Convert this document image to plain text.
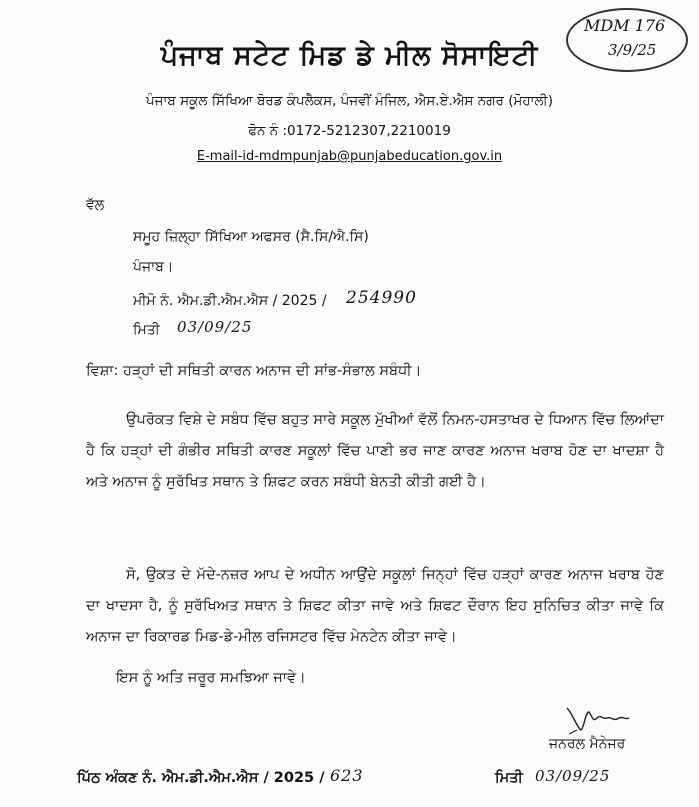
MDM 176
3/9/25
ਪੰਜਾਬ ਸਟੇਟ ਮਿਡ ਡੇ ਮੀਲ ਸੋਸਾਇਟੀ
ਪੰਜਾਬ ਸਕੂਲ ਸਿੱਖਿਆ ਬੋਰਡ ਕੰਪਲੈਕਸ, ਪੰਜਵੀਂ ਮੰਜਿਲ, ਐਸ.ਏ.ਐਸ ਨਗਰ (ਮੋਹਾਲੀ)
ਫੋਨ ਨੰ :0172-5212307,2210019
E-mail-id-mdmpunjab@punjabeducation.gov.in
ਵੱਲ
ਸਮੂਹ ਜ਼ਿਲ੍ਹਾ ਸਿੱਖਿਆ ਅਫਸਰ (ਸੈ.ਸਿ/ਐ.ਸਿ)
ਪੰਜਾਬ।
ਮੀਮੋ ਨੰ. ਐਮ.ਡੀ.ਐਮ.ਐਸ / 2025 / 254990
ਮਿਤੀ 03/09/25
ਵਿਸ਼ਾ: ਹੜ੍ਹਾਂ ਦੀ ਸਥਿਤੀ ਕਾਰਨ ਅਨਾਜ ਦੀ ਸਾਂਭ-ਸੰਭਾਲ ਸਬੰਧੀ।
ਉਪਰੋਕਤ ਵਿਸ਼ੇ ਦੇ ਸਬੰਧ ਵਿੱਚ ਬਹੁਤ ਸਾਰੇ ਸਕੂਲ ਮੁੱਖੀਆਂ ਵੱਲੋਂ ਨਿਮਨ-ਹਸਤਾਖਰ ਦੇ ਧਿਆਨ ਵਿੱਚ ਲਿਆਂਦਾ ਹੈ ਕਿ ਹੜ੍ਹਾਂ ਦੀ ਗੰਭੀਰ ਸਥਿਤੀ ਕਾਰਣ ਸਕੂਲਾਂ ਵਿੱਚ ਪਾਣੀ ਭਰ ਜਾਣ ਕਾਰਣ ਅਨਾਜ ਖਰਾਬ ਹੋਣ ਦਾ ਖਾਦਸ਼ਾ ਹੈ ਅਤੇ ਅਨਾਜ ਨੂੰ ਸੁਰੱਖਿਤ ਸਥਾਨ ਤੇ ਸ਼ਿਫਟ ਕਰਨ ਸਬੰਧੀ ਬੇਨਤੀ ਕੀਤੀ ਗਈ ਹੈ।
ਸੋ, ਉਕਤ ਦੇ ਮੱਦੇ-ਨਜ਼ਰ ਆਪ ਦੇ ਅਧੀਨ ਆਉਂਦੇ ਸਕੂਲਾਂ ਜਿਨ੍ਹਾਂ ਵਿੱਚ ਹੜ੍ਹਾਂ ਕਾਰਣ ਅਨਾਜ ਖਰਾਬ ਹੋਣ ਦਾ ਖਾਦਸਾ ਹੈ, ਨੂੰ ਸੁਰੱਖਿਅਤ ਸਥਾਨ ਤੇ ਸ਼ਿਫਟ ਕੀਤਾ ਜਾਵੇ ਅਤੇ ਸ਼ਿਫਟ ਦੌਰਾਨ ਇਹ ਸੁਨਿਚਿਤ ਕੀਤਾ ਜਾਵੇ ਕਿ ਅਨਾਜ ਦਾ ਰਿਕਾਰਡ ਮਿਡ-ਡੇ-ਮੀਲ ਰਜਿਸਟਰ ਵਿੱਚ ਮੇਨਟੇਨ ਕੀਤਾ ਜਾਵੇ।
ਇਸ ਨੂੰ ਅਤਿ ਜਰੂਰ ਸਮਝਿਆ ਜਾਵੇ।
ਜਨਰਲ ਮੈਨੇਜਰ
ਪਿੱਠ ਅੰਕਣ ਨੰ. ਐਮ.ਡੀ.ਐਮ.ਐਸ / 2025 / 623	ਮਿਤੀ 03/09/25
